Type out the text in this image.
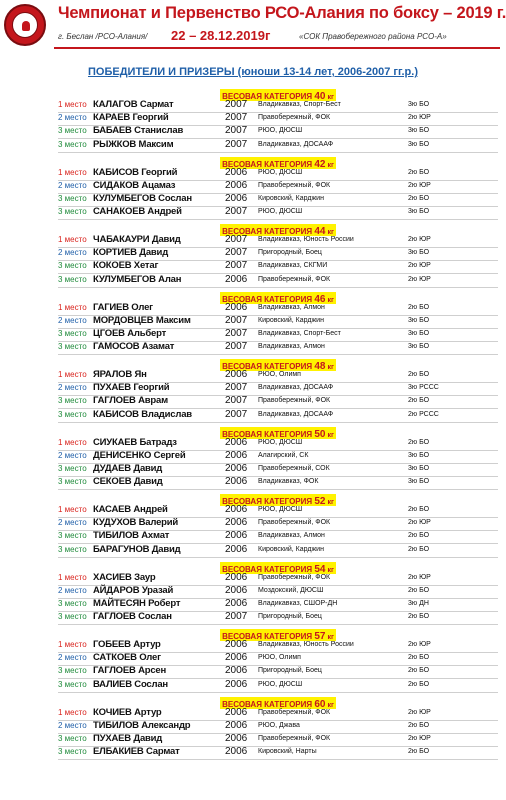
Чемпионат и Первенство РСО-Алания по боксу – 2019 г.
г. Беслан /РСО-Алания/ 22 – 28.12.2019г	«СОК Правобережного района РСО-А»
ПОБЕДИТЕЛИ И ПРИЗЕРЫ (юноши 13-14 лет, 2006-2007 гг.р.)
ВЕСОВАЯ КАТЕГОРИЯ 40 кг
1 место КАЛАГОВ Сармат	2007 Владикавказ, Спорт-Бест	3ю БО
2 место КАРАЕВ Георгий	2007 Правобережный, ФОК	2ю ЮР
3 место БАБАЕВ Станислав	2007 РЮО, ДЮСШ	3ю БО
3 место РЫЖКОВ Максим	2007 Владикавказ, ДОСААФ	3ю БО
ВЕСОВАЯ КАТЕГОРИЯ 42 кг
1 место КАБИСОВ Георгий	2006 РЮО, ДЮСШ	2ю БО
2 место СИДАКОВ Ацамаз	2006 Правобережный, ФОК	2ю ЮР
3 место КУЛУМБЕГОВ Сослан	2006 Кировский, Карджин	2ю БО
3 место САНАКОЕВ Андрей	2007 РЮО, ДЮСШ	3ю БО
ВЕСОВАЯ КАТЕГОРИЯ 44 кг
1 место ЧАБАКАУРИ Давид	2007 Владикавказ, Юность России	2ю ЮР
2 место КОРТИЕВ Давид	2007 Пригородный, Боец	3ю БО
3 место КОКОЕВ Хетаг	2007 Владикавказ, СКГМИ	2ю ЮР
3 место КУЛУМБЕГОВ Алан	2006 Правобережный, ФОК	2ю ЮР
ВЕСОВАЯ КАТЕГОРИЯ 46 кг
1 место ГАГИЕВ Олег	2006 Владикавказ, Алмон	2ю БО
2 место МОРДОВЦЕВ Максим	2007 Кировский, Карджин	3ю БО
3 место ЦГОЕВ Альберт	2007 Владикавказ, Спорт-Бест	3ю БО
3 место ГАМОСОВ Азамат	2007 Владикавказ, Алмон	3ю БО
ВЕСОВАЯ КАТЕГОРИЯ 48 кг
1 место ЯРАЛОВ Ян	2006 РЮО, Олимп	2ю БО
2 место ПУХАЕВ Георгий	2007 Владикавказ, ДОСААФ	3ю РССС
3 место ГАГЛОЕВ Аврам	2007 Правобережный, ФОК	2ю БО
3 место КАБИСОВ Владислав	2007 Владикавказ, ДОСААФ	2ю РССС
ВЕСОВАЯ КАТЕГОРИЯ 50 кг
1 место СИУКАЕВ Батрадз	2006 РЮО, ДЮСШ	2ю БО
2 место ДЕНИСЕНКО Сергей	2006 Алагирский, СК	3ю БО
3 место ДУДАЕВ Давид	2006 Правобережный, СОК	3ю БО
3 место СЕКОЕВ Давид	2006 Владикавказ, ФОК	3ю БО
ВЕСОВАЯ КАТЕГОРИЯ 52 кг
1 место КАСАЕВ Андрей	2006 РЮО, ДЮСШ	2ю БО
2 место КУДУХОВ Валерий	2006 Правобережный, ФОК	2ю ЮР
3 место ТИБИЛОВ Ахмат	2006 Владикавказ, Алмон	2ю БО
3 место БАРАГУНОВ Давид	2006 Кировский, Карджин	2ю БО
ВЕСОВАЯ КАТЕГОРИЯ 54 кг
1 место ХАСИЕВ Заур	2006 Правобережный, ФОК	2ю ЮР
2 место АЙДАРОВ Уразай	2006 Моздокский, ДЮСШ	2ю БО
3 место МАЙТЕСЯН Роберт	2006 Владикавказ, СШОР-ДН	3ю ДН
3 место ГАГЛОЕВ Сослан	2007 Пригородный, Боец	2ю БО
ВЕСОВАЯ КАТЕГОРИЯ 57 кг
1 место ГОБЕЕВ Артур	2006 Владикавказ, Юность России	2ю ЮР
2 место САТКОЕВ Олег	2006 РЮО, Олимп	2ю БО
3 место ГАГЛОЕВ Арсен	2006 Пригородный, Боец	2ю БО
3 место ВАЛИЕВ Сослан	2006 РЮО, ДЮСШ	2ю БО
ВЕСОВАЯ КАТЕГОРИЯ 60 кг
1 место КОЧИЕВ Артур	2006 Правобережный, ФОК	2ю ЮР
2 место ТИБИЛОВ Александр	2006 РЮО, Джава	2ю БО
3 место ПУХАЕВ Давид	2006 Правобережный, ФОК	2ю ЮР
3 место ЕЛБАКИЕВ Сармат	2006 Кировский, Нарты	2ю БО
